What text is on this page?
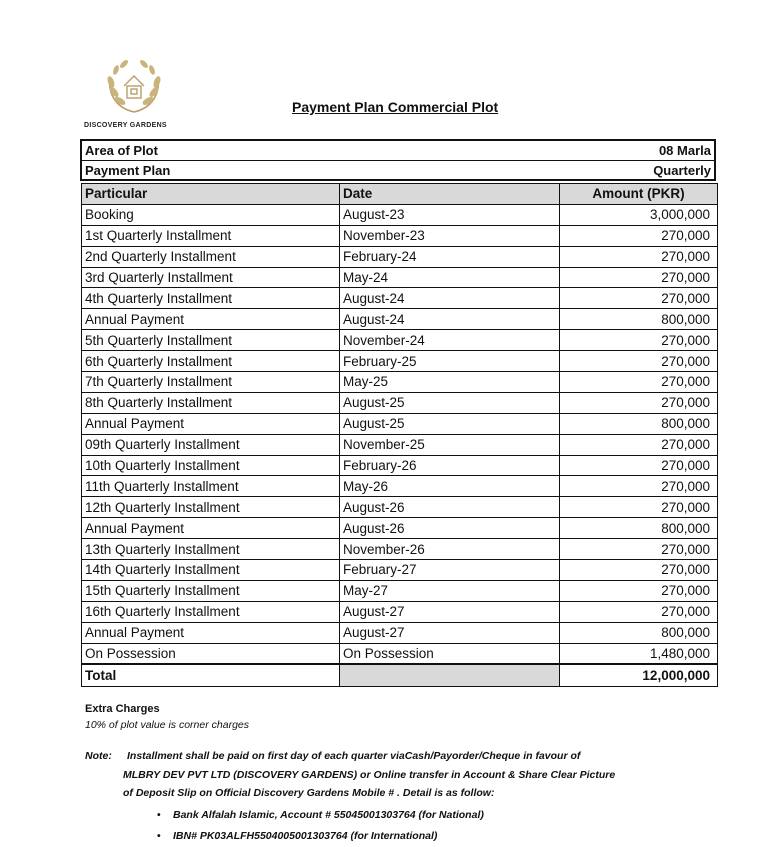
DISCOVERY GARDENS
Payment Plan Commercial Plot
Area of Plot	08 Marla
Payment Plan	Quarterly
Particular	Date	Amount (PKR)
Booking	August-23	3,000,000
1st Quarterly Installment	November-23	270,000
2nd Quarterly Installment	February-24	270,000
3rd Quarterly Installment	May-24	270,000
4th Quarterly Installment	August-24	270,000
Annual Payment	August-24	800,000
5th Quarterly Installment	November-24	270,000
6th Quarterly Installment	February-25	270,000
7th Quarterly Installment	May-25	270,000
8th Quarterly Installment	August-25	270,000
Annual Payment	August-25	800,000
09th Quarterly Installment	November-25	270,000
10th Quarterly Installment	February-26	270,000
11th Quarterly Installment	May-26	270,000
12th Quarterly Installment	August-26	270,000
Annual Payment	August-26	800,000
13th Quarterly Installment	November-26	270,000
14th Quarterly Installment	February-27	270,000
15th Quarterly Installment	May-27	270,000
16th Quarterly Installment	August-27	270,000
Annual Payment	August-27	800,000
On Possession	On Possession	1,480,000
Total		12,000,000
Extra Charges
10% of plot value is corner charges
Note: Installment shall be paid on first day of each quarter viaCash/Payorder/Cheque in favour of
MLBRY DEV PVT LTD (DISCOVERY GARDENS) or Online transfer in Account & Share Clear Picture
of Deposit Slip on Official Discovery Gardens Mobile # . Detail is as follow:
• Bank Alfalah Islamic, Account # 55045001303764 (for National)
• IBN# PK03ALFH5504005001303764 (for International)
